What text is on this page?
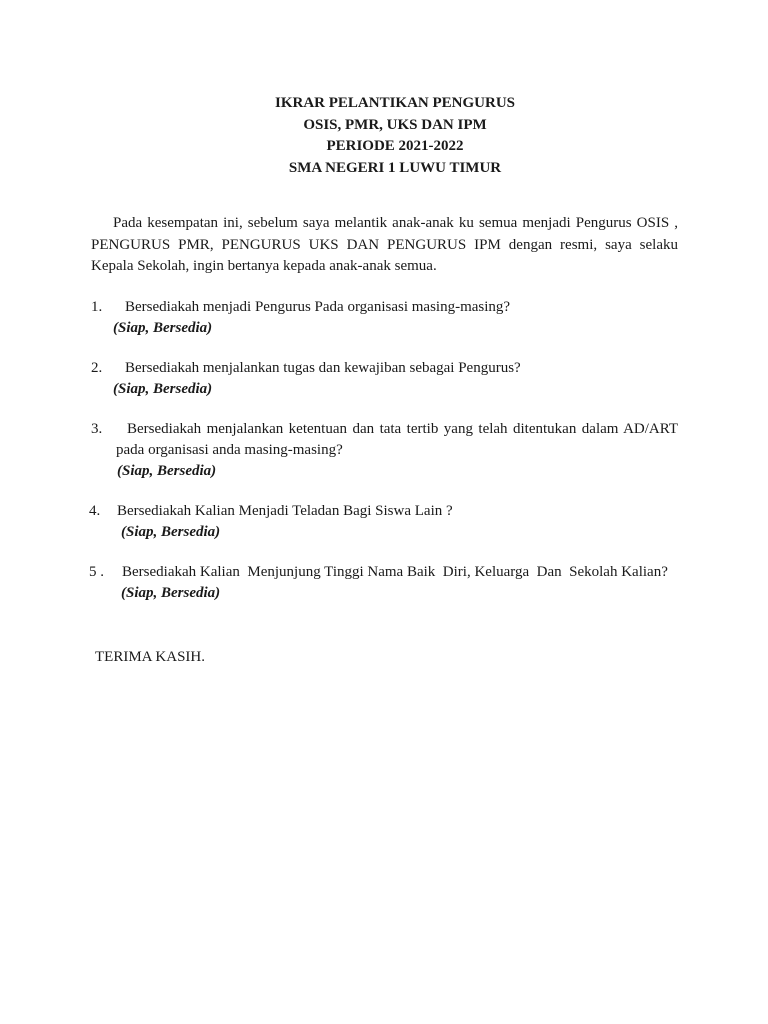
IKRAR PELANTIKAN PENGURUS
OSIS, PMR, UKS DAN IPM
PERIODE 2021-2022
SMA NEGERI 1 LUWU TIMUR

Pada kesempatan ini, sebelum saya melantik anak-anak ku semua menjadi Pengurus OSIS , PENGURUS PMR, PENGURUS UKS DAN PENGURUS IPM dengan resmi, saya selaku Kepala Sekolah, ingin bertanya kepada anak-anak semua.

1. Bersediakah menjadi Pengurus Pada organisasi masing-masing?
(Siap, Bersedia)
2. Bersediakah menjalankan tugas dan kewajiban sebagai Pengurus?
(Siap, Bersedia)
3. Bersediakah menjalankan ketentuan dan tata tertib yang telah ditentukan dalam AD/ART
pada organisasi anda masing-masing?
(Siap, Bersedia)
4. Bersediakah Kalian Menjadi Teladan Bagi Siswa Lain ?
(Siap, Bersedia)
5 . Bersediakah Kalian  Menjunjung Tinggi Nama Baik  Diri, Keluarga  Dan  Sekolah Kalian?
(Siap, Bersedia)
TERIMA KASIH.
